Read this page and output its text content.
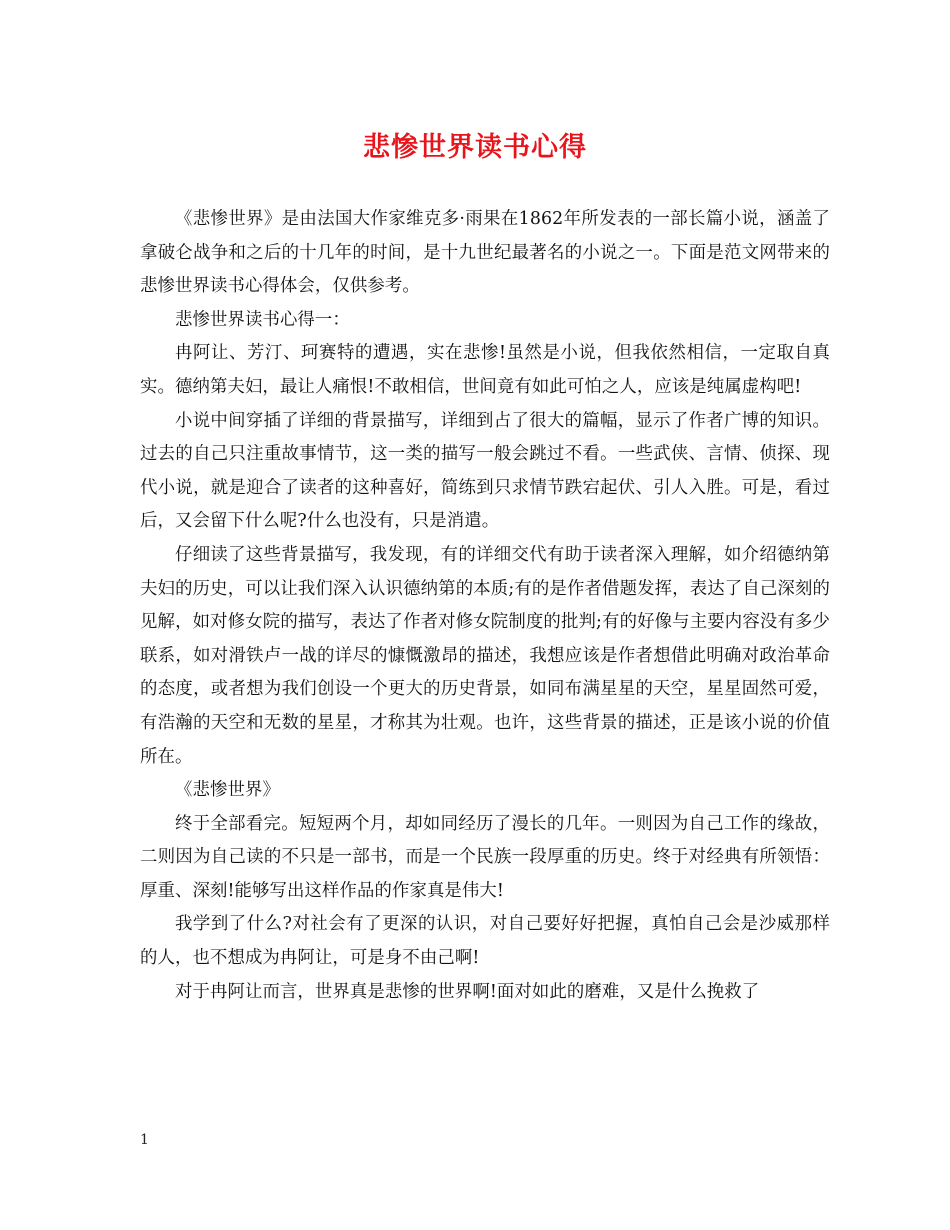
悲惨世界读书心得

《悲惨世界》是由法国大作家维克多·雨果在1862年所发表的一部长篇小说，涵盖了拿破仑战争和之后的十几年的时间，是十九世纪最著名的小说之一。下面是范文网带来的悲惨世界读书心得体会，仅供参考。

悲惨世界读书心得一：

冉阿让、芳汀、珂赛特的遭遇，实在悲惨!虽然是小说，但我依然相信，一定取自真实。德纳第夫妇，最让人痛恨!不敢相信，世间竟有如此可怕之人，应该是纯属虚构吧!

小说中间穿插了详细的背景描写，详细到占了很大的篇幅，显示了作者广博的知识。过去的自己只注重故事情节，这一类的描写一般会跳过不看。一些武侠、言情、侦探、现代小说，就是迎合了读者的这种喜好，简练到只求情节跌宕起伏、引人入胜。可是，看过后，又会留下什么呢?什么也没有，只是消遣。

仔细读了这些背景描写，我发现，有的详细交代有助于读者深入理解，如介绍德纳第夫妇的历史，可以让我们深入认识德纳第的本质;有的是作者借题发挥，表达了自己深刻的见解，如对修女院的描写，表达了作者对修女院制度的批判;有的好像与主要内容没有多少联系，如对滑铁卢一战的详尽的慷慨激昂的描述，我想应该是作者想借此明确对政治革命的态度，或者想为我们创设一个更大的历史背景，如同布满星星的天空，星星固然可爱，有浩瀚的天空和无数的星星，才称其为壮观。也许，这些背景的描述，正是该小说的价值所在。

《悲惨世界》

终于全部看完。短短两个月，却如同经历了漫长的几年。一则因为自己工作的缘故，二则因为自己读的不只是一部书，而是一个民族一段厚重的历史。终于对经典有所领悟：厚重、深刻!能够写出这样作品的作家真是伟大!

我学到了什么?对社会有了更深的认识，对自己要好好把握，真怕自己会是沙威那样的人，也不想成为冉阿让，可是身不由己啊!

对于冉阿让而言，世界真是悲惨的世界啊!面对如此的磨难，又是什么挽救了

1
